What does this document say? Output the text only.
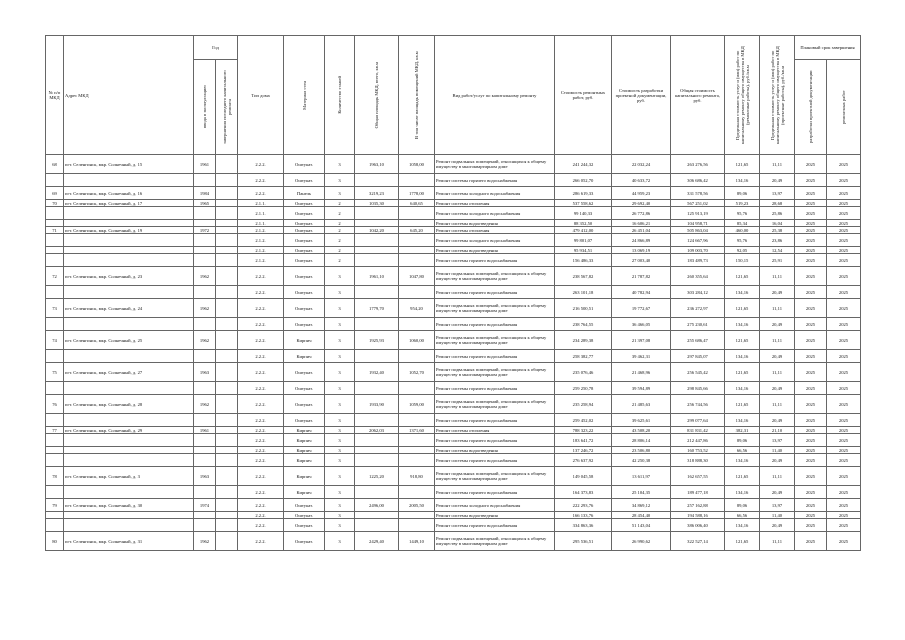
№ п/п МКД	Адрес МКД	Год		Тип дома	Материал стен	Количество этажей	Общая площадь МКД, всего, кв.м	В том числе площадь помещений МКД, кв.м	Вид работ/услуг по капитальному ремонту	Стоимость ремонтных работ, руб.	Стоимость разработки проектной документации, руб.	Общая стоимость капитального ремонта, руб.	Предельная стоимость услуг и (или) работ по капитальному ремонту общего имущества в МКД (ремонтные работы), руб./кв.м	Предельная стоимость услуг и (или) работ по капитальному ремонту общего имущества в МКД (проектные работы), руб./кв.м	Плановый срок завершения	

		ввода в эксплуатацию	завершения последнего капитального ремонта												разработки проектной документации	ремонтных работ

68	пгт. Селенгинск, мкр. Солнечный, д. 15	1961		2.2.2.	Оштукат.	3	1963,10	1058,00	Ремонт подвальных помещений, относящихся к общему имуществу в многоквартирном доме	241 244,32	22 032,24	263 276,56	121,65	11,11	2025	2025
				2.2.2.	Оштукат.	3			Ремонт системы горячего водоснабжения	266 052,70	40 633,72	306 686,42	134,16	20,49	2025	2025
69	пгт. Селенгинск, мкр. Солнечный, д. 16	1984		2.2.2.	Панель	3	3219,23	1778,00	Ремонт системы холодного водоснабжения	286 619,33	44 959,23	331 578,56	89,06	13,97	2025	2025
70	пгт. Селенгинск, мкр. Солнечный, д. 17	1965		2.1.1.	Оштукат.	2	1035,30	640,65	Ремонт системы отопления	537 558,62	29 692,40	567 251,02	519,23	28,68	2025	2025
				2.1.1.	Оштукат.	2			Ремонт системы холодного водоснабжения	99 140,33	26 772,86	125 913,19	95,76	25,86	2025	2025
				2.1.1.	Оштукат.	2			Ремонт системы водоотведения	88 352,50	16 606,21	104 958,71	85,34	16,04	2025	2025
71	пгт. Селенгинск, мкр. Солнечный, д. 19	1972		2.1.2.	Оштукат.	2	1042,20	645,20	Ремонт системы отопления	479 412,00	26 451,04	505 863,04	460,00	25,38	2025	2025
				2.1.2.	Оштукат.	2			Ремонт системы холодного водоснабжения	99 801,07	24 866,89	124 667,96	95,76	23,86	2025	2025
				2.1.2.	Оштукат.	2			Ремонт системы водоотведения	95 934,51	13 069,19	109 003,70	92,05	12,54	2025	2025
				2.1.2.	Оштукат.	2			Ремонт системы горячего водоснабжения	156 486,33	27 003,40	183 489,73	150,15	25,91	2025	2025
72	пгт. Селенгинск, мкр. Солнечный, д. 23	1962		2.2.2.	Оштукат.	3	1961,10	1047,80	Ремонт подвальных помещений, относящихся к общему имуществу в многоквартирном доме	238 567,82	21 787,82	260 355,64	121,65	11,11	2025	2025
				2.2.2.	Оштукат.	3			Ремонт системы горячего водоснабжения	263 101,18	40 782,94	303 284,12	134,16	20,49	2025	2025
73	пгт. Селенгинск, мкр. Солнечный, д. 24	1962		2.2.2.	Оштукат.	3	1779,70	954,20	Ремонт подвальных помещений, относящихся к общему имуществу в многоквартирном доме	216 500,51	19 772,67	236 272,97	121,65	11,11	2025	2025
				2.2.2.	Оштукат.	3			Ремонт системы горячего водоснабжения	238 764,55	36 466,05	275 230,61	134,16	20,49	2025	2025
74	пгт. Селенгинск, мкр. Солнечный, д. 25	1962		2.2.2.	Кирпич	3	1925,93	1060,00	Ремонт подвальных помещений, относящихся к общему имуществу в многоквартирном доме	234 289,38	21 397,08	255 686,47	121,65	11,11	2025	2025
				2.2.2.	Кирпич	3			Ремонт системы горячего водоснабжения	258 382,77	39 462,31	297 845,07	134,16	20,49	2025	2025
75	пгт. Селенгинск, мкр. Солнечный, д. 27	1963		2.2.2.	Оштукат.	3	1932,40	1052,70	Ремонт подвальных помещений, относящихся к общему имуществу в многоквартирном доме	235 076,46	21 468,96	256 545,42	121,65	11,11	2025	2025
				2.2.2.	Оштукат.	3			Ремонт системы горячего водоснабжения	259 250,78	39 594,89	298 845,66	134,16	20,49	2025	2025
76	пгт. Селенгинск, мкр. Солнечный, д. 28	1962		2.2.2.	Оштукат.	3	1933,90	1059,00	Ремонт подвальных помещений, относящихся к общему имуществу в многоквартирном доме	235 258,94	21 485,63	256 744,56	121,65	11,11	2025	2025
				2.2.2.	Оштукат.	3			Ремонт системы горячего водоснабжения	259 452,02	39 625,61	299 077,64	134,16	20,49	2025	2025
77	пгт. Селенгинск, мкр. Солнечный, д. 29	1961		2.2.2.	Кирпич	3	2062,03	1371,60	Ремонт системы отопления	788 323,22	43 508,20	831 831,42	382,31	21,10	2025	2025
				2.2.2.	Кирпич	3			Ремонт системы горячего водоснабжения	183 641,72	28 806,14	212 447,86	89,06	13,97	2025	2025
				2.2.2.	Кирпич	3			Ремонт системы водоотведения	137 246,72	23 506,80	160 753,52	66,56	11,40	2025	2025
				2.2.2.	Кирпич	3			Ремонт системы горячего водоснабжения	276 637,92	42 250,38	318 888,30	134,16	20,49	2025	2025
78	пгт. Селенгинск, мкр. Солнечный, д. 3	1963		2.2.2.	Кирпич	3	1225,20	918,80	Ремонт подвальных помещений, относящихся к общему имуществу в многоквартирном доме	149 045,58	13 611,97	162 657,55	121,65	11,11	2025	2025
				2.2.2.	Кирпич	3			Ремонт системы горячего водоснабжения	164 373,83	25 104,35	189 477,18	134,16	20,49	2025	2025
79	пгт. Селенгинск, мкр. Солнечный, д. 30	1974		2.2.2.	Оштукат.	3	2496,00	2005,50	Ремонт системы холодного водоснабжения	222 293,76	34 869,12	257 162,88	89,06	13,97	2025	2025
				2.2.2.	Оштукат.	3			Ремонт системы водоотведения	166 133,76	28 454,40	194 588,16	66,56	11,40	2025	2025
				2.2.2.	Оштукат.	3			Ремонт системы горячего водоснабжения	334 863,36	51 143,04	386 006,40	134,16	20,49	2025	2025
80	пгт. Селенгинск, мкр. Солнечный, д. 31	1962		2.2.2.	Оштукат.	3	2429,40	1449,10	Ремонт подвальных помещений, относящихся к общему имуществу в многоквартирном доме	295 536,51	26 990,62	322 527,14	121,65	11,11	2025	2025
